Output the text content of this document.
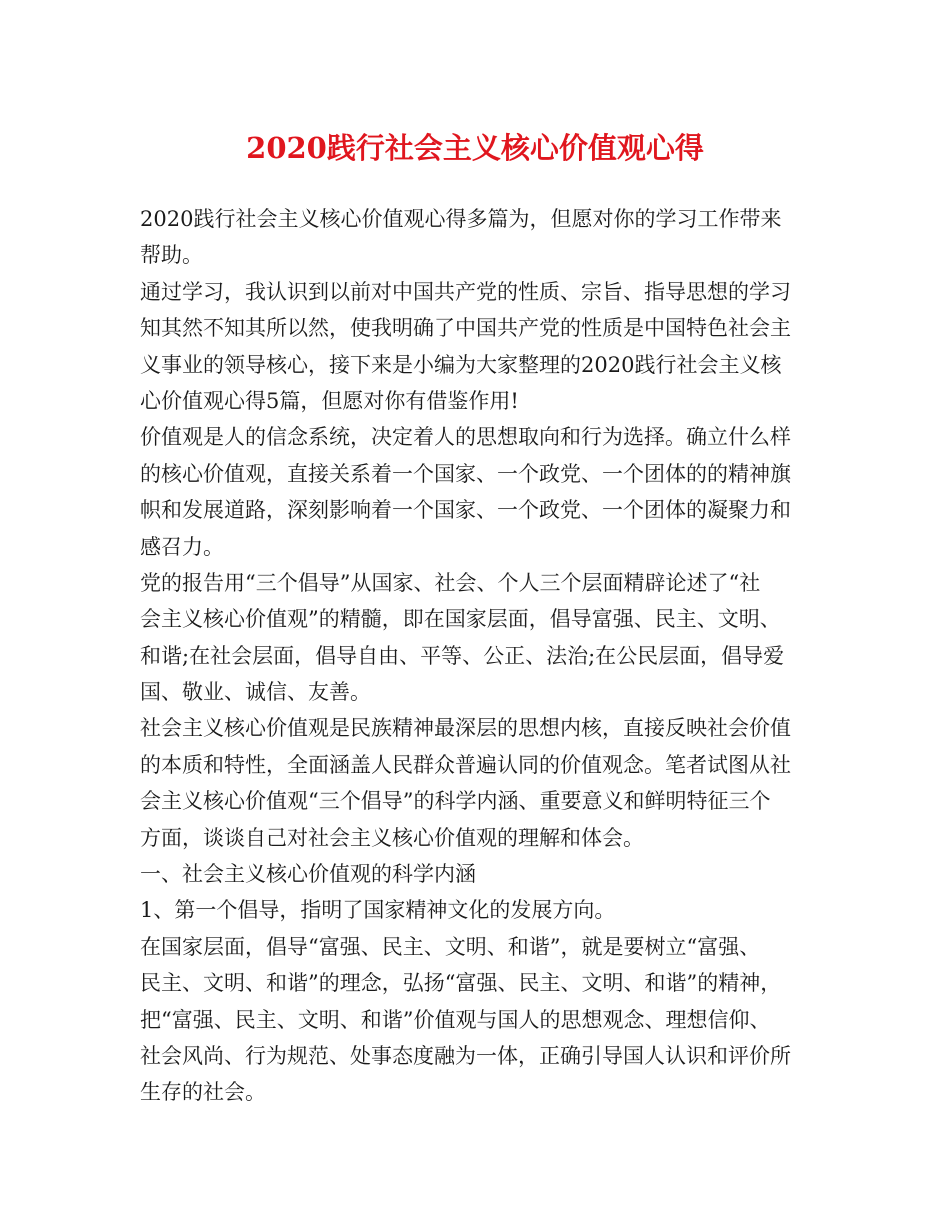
2020践行社会主义核心价值观心得
2020践行社会主义核心价值观心得多篇为，但愿对你的学习工作带来
帮助。
通过学习，我认识到以前对中国共产党的性质、宗旨、指导思想的学习
知其然不知其所以然，使我明确了中国共产党的性质是中国特色社会主
义事业的领导核心，接下来是小编为大家整理的2020践行社会主义核
心价值观心得5篇，但愿对你有借鉴作用!
价值观是人的信念系统，决定着人的思想取向和行为选择。确立什么样
的核心价值观，直接关系着一个国家、一个政党、一个团体的的精神旗
帜和发展道路，深刻影响着一个国家、一个政党、一个团体的凝聚力和
感召力。
党的报告用“三个倡导”从国家、社会、个人三个层面精辟论述了“社
会主义核心价值观”的精髓，即在国家层面，倡导富强、民主、文明、
和谐;在社会层面，倡导自由、平等、公正、法治;在公民层面，倡导爱
国、敬业、诚信、友善。
社会主义核心价值观是民族精神最深层的思想内核，直接反映社会价值
的本质和特性，全面涵盖人民群众普遍认同的价值观念。笔者试图从社
会主义核心价值观“三个倡导”的科学内涵、重要意义和鲜明特征三个
方面，谈谈自己对社会主义核心价值观的理解和体会。
一、社会主义核心价值观的科学内涵
1、第一个倡导，指明了国家精神文化的发展方向。
在国家层面，倡导“富强、民主、文明、和谐”，就是要树立“富强、
民主、文明、和谐”的理念，弘扬“富强、民主、文明、和谐”的精神，
把“富强、民主、文明、和谐”价值观与国人的思想观念、理想信仰、
社会风尚、行为规范、处事态度融为一体，正确引导国人认识和评价所
生存的社会。
